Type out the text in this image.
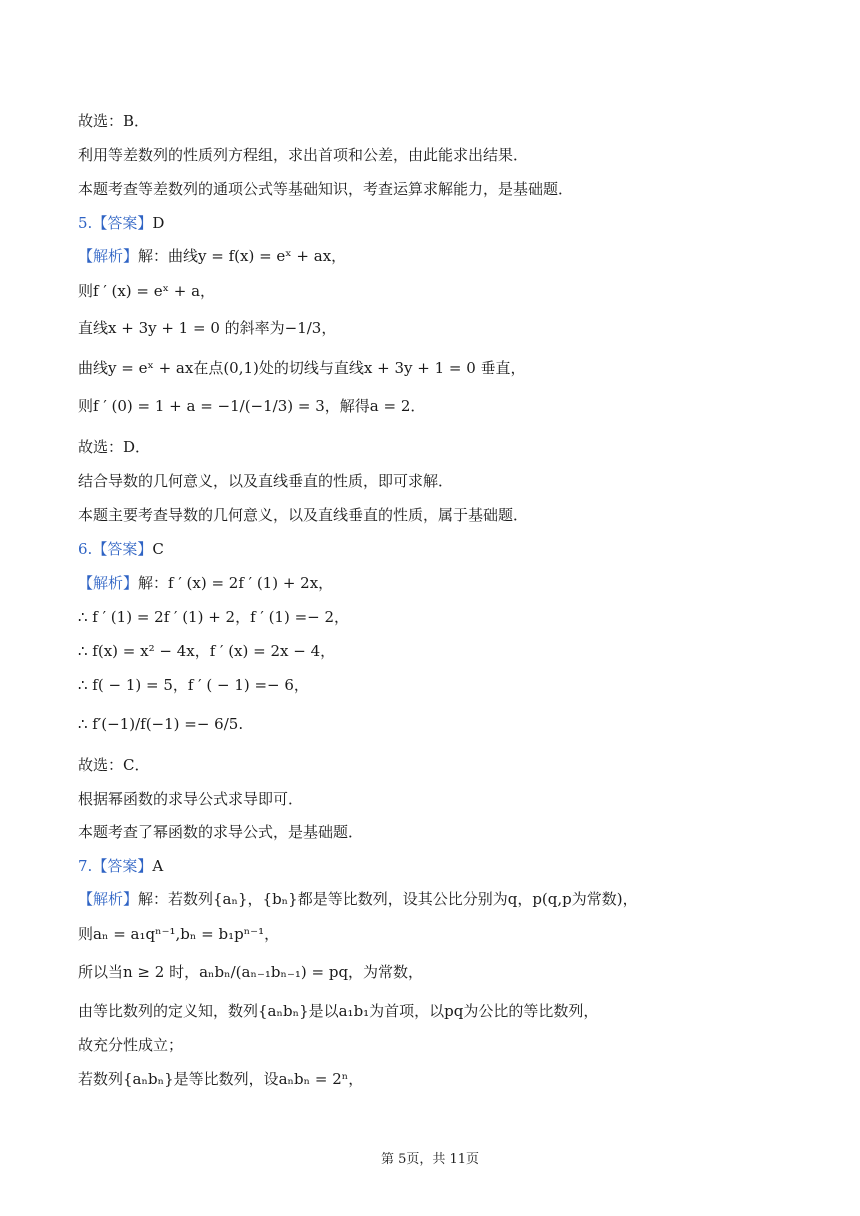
故选：B．
利用等差数列的性质列方程组，求出首项和公差，由此能求出结果．
本题考查等差数列的通项公式等基础知识，考查运算求解能力，是基础题．
5.【答案】D
【解析】解：曲线y = f(x) = eˣ + ax，
则f ′ (x) = eˣ + a，
直线x + 3y + 1 = 0 的斜率为−1/3，
曲线y = eˣ + ax在点(0,1)处的切线与直线x + 3y + 1 = 0 垂直，
则f ′ (0) = 1 + a = −1/(−1/3) = 3，解得a = 2．
故选：D．
结合导数的几何意义，以及直线垂直的性质，即可求解．
本题主要考查导数的几何意义，以及直线垂直的性质，属于基础题．
6.【答案】C
【解析】解：f ′ (x) = 2f ′ (1) + 2x，
∴ f ′ (1) = 2f ′ (1) + 2，f ′ (1) =− 2，
∴ f(x) = x² − 4x，f ′ (x) = 2x − 4，
∴ f( − 1) = 5，f ′ ( − 1) =− 6，
∴ f′(−1)/f(−1) =− 6/5.
故选：C．
根据幂函数的求导公式求导即可．
本题考查了幂函数的求导公式，是基础题．
7.【答案】A
【解析】解：若数列{aₙ}，{bₙ}都是等比数列，设其公比分别为q，p(q,p为常数)，
则aₙ = a₁qⁿ⁻¹,bₙ = b₁pⁿ⁻¹，
所以当n ≥ 2 时，aₙbₙ/(aₙ₋₁bₙ₋₁) = pq，为常数，
由等比数列的定义知，数列{aₙbₙ}是以a₁b₁为首项，以pq为公比的等比数列，
故充分性成立；
若数列{aₙbₙ}是等比数列，设aₙbₙ = 2ⁿ，
第 5页，共 11页
